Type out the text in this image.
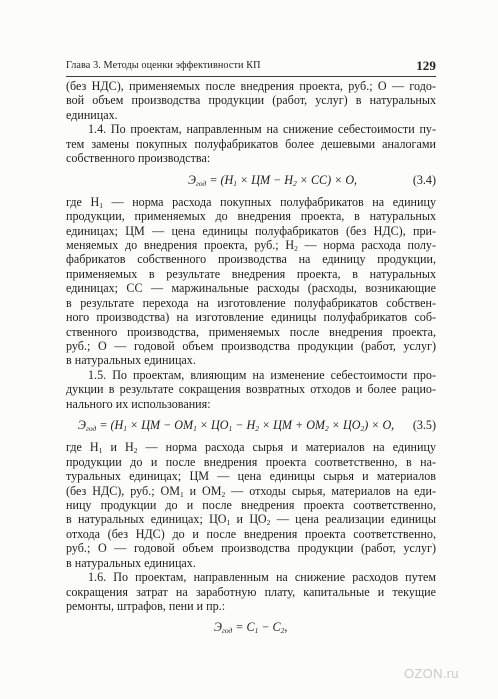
Глава 3. Методы оценки эффективности КП	129
(без НДС), применяемых после внедрения проекта, руб.; О — годо-
вой объем производства продукции (работ, услуг) в натуральных
единицах.
1.4. По проектам, направленным на снижение себестоимости пу-
тем замены покупных полуфабрикатов более дешевыми аналогами
собственного производства:
$Э_{год} = (Н_1$ × ЦМ − $Н_2 \times СС) \times О$,	(3.4)
где $Н_1$ — норма расхода покупных полуфабрикатов на единицу
продукции, применяемых до внедрения проекта, в натуральных
единицах; ЦМ — цена единицы полуфабрикатов (без НДС), при-
меняемых до внедрения проекта, руб.; $Н_2$ — норма расхода полу-
фабрикатов собственного производства на единицу продукции,
применяемых в результате внедрения проекта, в натуральных
единицах; СС — маржинальные расходы (расходы, возникающие
в результате перехода на изготовление полуфабрикатов собствен-
ного производства) на изготовление единицы полуфабрикатов соб-
ственного производства, применяемых после внедрения проекта,
руб.; О — годовой объем производства продукции (работ, услуг)
в натуральных единицах.
1.5. По проектам, влияющим на изменение себестоимости про-
дукции в результате сокращения возвратных отходов и более рацио-
нального их использования:
$Э_{год} = (Н_1$ × ЦМ − $ОМ_1 \times ЦО_1 - Н_2$ × ЦМ + $ОМ_2 \times ЦО_2) \times О$, (3.5)
где $Н_1$ и $Н_2$ — норма расхода сырья и материалов на единицу
продукции до и после внедрения проекта соответственно, в на-
туральных единицах; ЦМ — цена единицы сырья и материалов
(без НДС), руб.; $ОМ_1$ и $ОМ_2$ — отходы сырья, материалов на еди-
ницу продукции до и после внедрения проекта соответственно,
в натуральных единицах; $ЦО_1$ и $ЦО_2$ — цена реализации единицы
отхода (без НДС) до и после внедрения проекта соответственно,
руб.; О — годовой объем производства продукции (работ, услуг)
в натуральных единицах.
1.6. По проектам, направленным на снижение расходов путем
сокращения затрат на заработную плату, капитальные и текущие
ремонты, штрафов, пени и пр.:
$Э_{год} = С_1 - С_2$,
OZON.ru
